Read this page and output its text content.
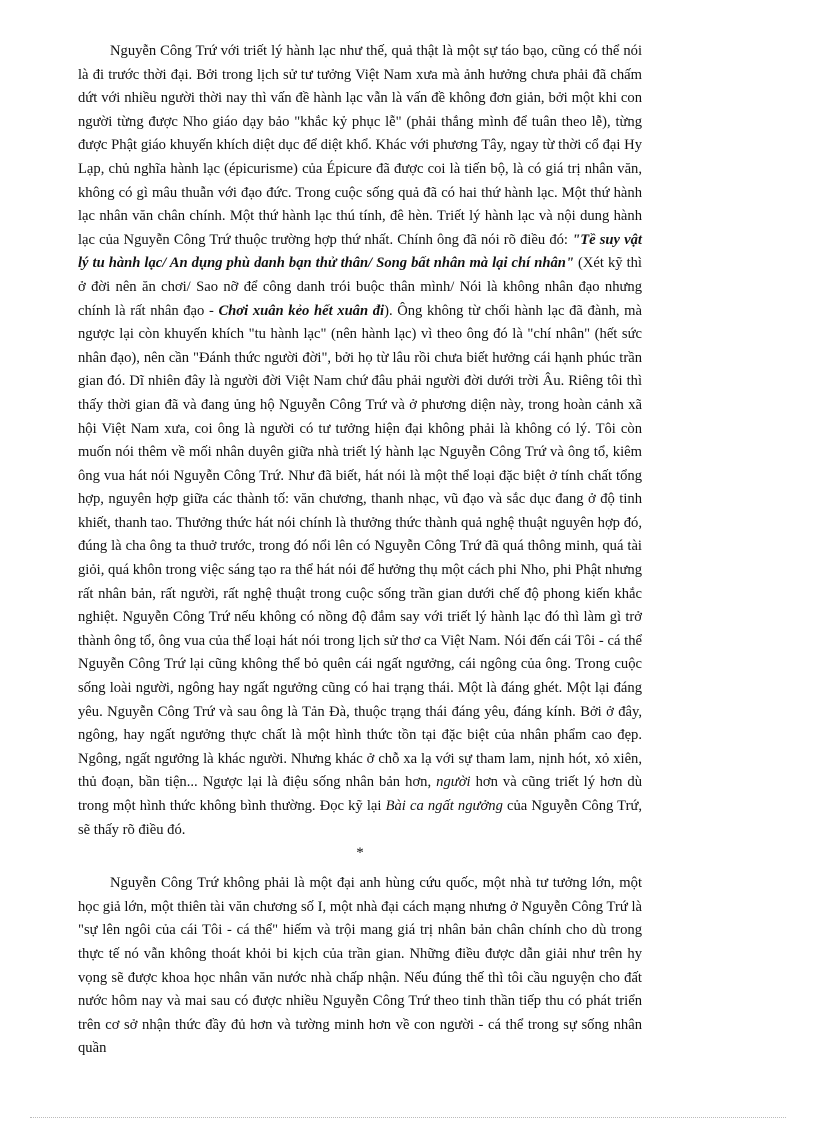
Nguyễn Công Trứ với triết lý hành lạc như thế, quả thật là một sự táo bạo, cũng có thể nói là đi trước thời đại. Bởi trong lịch sử tư tưởng Việt Nam xưa mà ảnh hưởng chưa phải đã chấm dứt với nhiều người thời nay thì vấn đề hành lạc vẫn là vấn đề không đơn giản, bởi một khi con người từng được Nho giáo dạy bảo "khắc kỷ phục lễ" (phải thắng mình để tuân theo lễ), từng được Phật giáo khuyến khích diệt dục để diệt khổ. Khác với phương Tây, ngay từ thời cổ đại Hy Lạp, chủ nghĩa hành lạc (épicurisme) của Épicure đã được coi là tiến bộ, là có giá trị nhân văn, không có gì mâu thuẫn với đạo đức. Trong cuộc sống quả đã có hai thứ hành lạc. Một thứ hành lạc nhân văn chân chính. Một thứ hành lạc thú tính, đê hèn. Triết lý hành lạc và nội dung hành lạc của Nguyễn Công Trứ thuộc trường hợp thứ nhất. Chính ông đã nói rõ điều đó: "Tề suy vật lý tu hành lạc/ An dụng phù danh bạn thử thân/ Song bất nhân mà lại chí nhân" (Xét kỹ thì ở đời nên ăn chơi/ Sao nỡ để công danh trói buộc thân mình/ Nói là không nhân đạo nhưng chính là rất nhân đạo - Chơi xuân kẻo hết xuân đi). Ông không từ chối hành lạc đã đành, mà ngược lại còn khuyến khích "tu hành lạc" (nên hành lạc) vì theo ông đó là "chí nhân" (hết sức nhân đạo), nên cần "Đánh thức người đời", bởi họ từ lâu rồi chưa biết hưởng cái hạnh phúc trần gian đó. Dĩ nhiên đây là người đời Việt Nam chứ đâu phải người đời dưới trời Âu. Riêng tôi thì thấy thời gian đã và đang ủng hộ Nguyễn Công Trứ và ở phương diện này, trong hoàn cảnh xã hội Việt Nam xưa, coi ông là người có tư tưởng hiện đại không phải là không có lý. Tôi còn muốn nói thêm về mối nhân duyên giữa nhà triết lý hành lạc Nguyễn Công Trứ và ông tổ, kiêm ông vua hát nói Nguyễn Công Trứ. Như đã biết, hát nói là một thể loại đặc biệt ở tính chất tổng hợp, nguyên hợp giữa các thành tố: văn chương, thanh nhạc, vũ đạo và sắc dục đang ở độ tinh khiết, thanh tao. Thưởng thức hát nói chính là thưởng thức thành quả nghệ thuật nguyên hợp đó, đúng là cha ông ta thuở trước, trong đó nổi lên có Nguyễn Công Trứ đã quá thông minh, quá tài giỏi, quá khôn trong việc sáng tạo ra thể hát nói để hưởng thụ một cách phi Nho, phi Phật nhưng rất nhân bản, rất người, rất nghệ thuật trong cuộc sống trần gian dưới chế độ phong kiến khắc nghiệt. Nguyễn Công Trứ nếu không có nồng độ đắm say với triết lý hành lạc đó thì làm gì trở thành ông tổ, ông vua của thể loại hát nói trong lịch sử thơ ca Việt Nam. Nói đến cái Tôi - cá thể Nguyễn Công Trứ lại cũng không thể bỏ quên cái ngất ngưởng, cái ngông của ông. Trong cuộc sống loài người, ngông hay ngất ngưởng cũng có hai trạng thái. Một là đáng ghét. Một lại đáng yêu. Nguyễn Công Trứ và sau ông là Tản Đà, thuộc trạng thái đáng yêu, đáng kính. Bởi ở đây, ngông, hay ngất ngưởng thực chất là một hình thức tồn tại đặc biệt của nhân phẩm cao đẹp. Ngông, ngất ngưởng là khác người. Nhưng khác ở chỗ xa lạ với sự tham lam, nịnh hót, xỏ xiên, thủ đoạn, bần tiện... Ngược lại là điệu sống nhân bản hơn, người hơn và cũng triết lý hơn dù trong một hình thức không bình thường. Đọc kỹ lại Bài ca ngất ngưởng của Nguyễn Công Trứ, sẽ thấy rõ điều đó.

*

Nguyễn Công Trứ không phải là một đại anh hùng cứu quốc, một nhà tư tưởng lớn, một học giả lớn, một thiên tài văn chương số I, một nhà đại cách mạng nhưng ở Nguyễn Công Trứ là "sự lên ngôi của cái Tôi - cá thể" hiếm và trội mang giá trị nhân bản chân chính cho dù trong thực tế nó vẫn không thoát khỏi bi kịch của trần gian. Những điều được dẫn giải như trên hy vọng sẽ được khoa học nhân văn nước nhà chấp nhận. Nếu đúng thế thì tôi cầu nguyện cho đất nước hôm nay và mai sau có được nhiều Nguyễn Công Trứ theo tinh thần tiếp thu có phát triển trên cơ sở nhận thức đầy đủ hơn và tường minh hơn về con người - cá thể trong sự sống nhân quần
